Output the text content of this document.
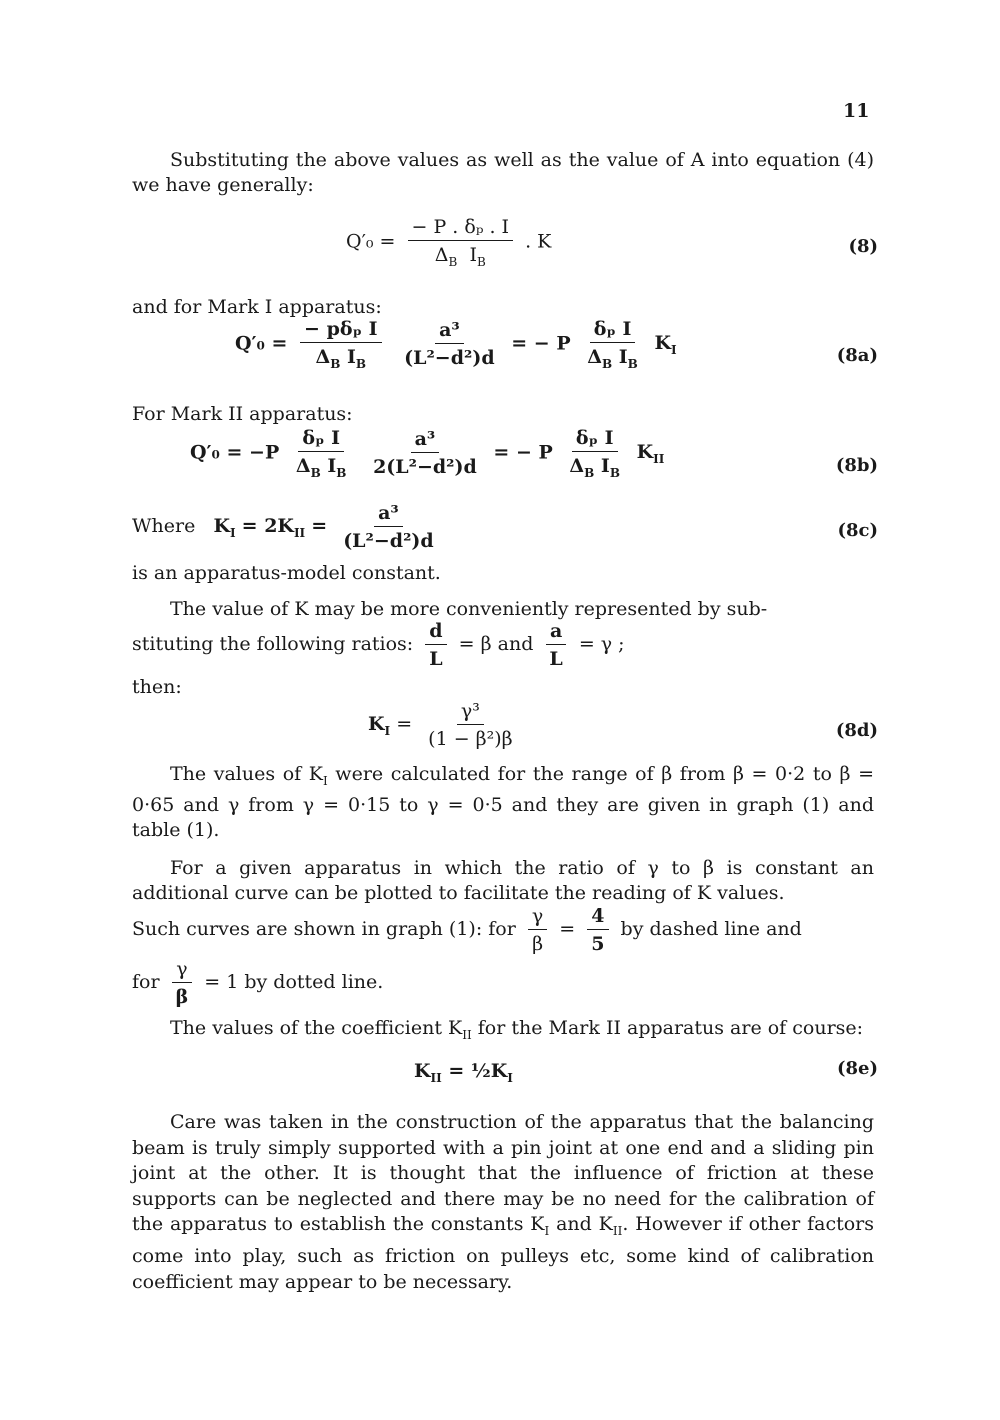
11
Substituting the above values as well as the value of A into equation (4) we have generally:
$Q'_0 = \frac{\text{− P . δₚ . I}}{\Delta_B I_B}$ . K	(8)
and for Mark I apparatus:
$Q'_0 = \frac{\text{− pδₚ I}}{\Delta_B I_B}$
$\frac{\text{a³}}{\text{(L²−d²)d}}$ = − P $\frac{\text{δₚ I}}{\Delta_B I_B} K_I$	(8a)
For Mark II apparatus:
$Q'_0 = -P \frac{\text{δₚ I}}{\Delta_B I_B}$
$\frac{\text{a³}}{\text{2(L²−d²)d}}$ = − P $\frac{\text{δₚ I}}{\Delta_B I_B} K_{II}$	(8b)
Where $K_I = 2K_{II} = \frac{\text{a³}}{\text{(L²−d²)d}}$	(8c)
is an apparatus-model constant.
The value of K may be more conveniently represented by sub-
stituting the following ratios: $\frac{d}{L} = \beta$ and $\frac{a}{L} = \gamma$ ;
then:
$K_I = \frac{\text{γ³}}{\text{(1 − β²)β}}$	(8d)
The values of $K_I$ were calculated for the range of β from β = 0·2 to β = 0·65 and γ from γ = 0·15 to γ = 0·5 and they are given in graph (1) and table (1).
For a given apparatus in which the ratio of γ to β is constant an additional curve can be plotted to facilitate the reading of K values.
Such curves are shown in graph (1): for $\frac{\gamma}{\beta} = \frac{4}{5}$ by dashed line and
for $\frac{\gamma}{\beta} = 1$ by dotted line.
The values of the coefficient $K_{II}$ for the Mark II apparatus are of course:
$K_{II}$ = $\frac{1}{2}K_I$	(8e)
Care was taken in the construction of the apparatus that the balancing beam is truly simply supported with a pin joint at one end and a sliding pin joint at the other. It is thought that the influence of friction at these supports can be neglected and there may be no need for the calibration of the apparatus to establish the constants $K_I$ and $K_{II}$. However if other factors come into play, such as friction on pulleys etc, some kind of calibration coefficient may appear to be necessary.
